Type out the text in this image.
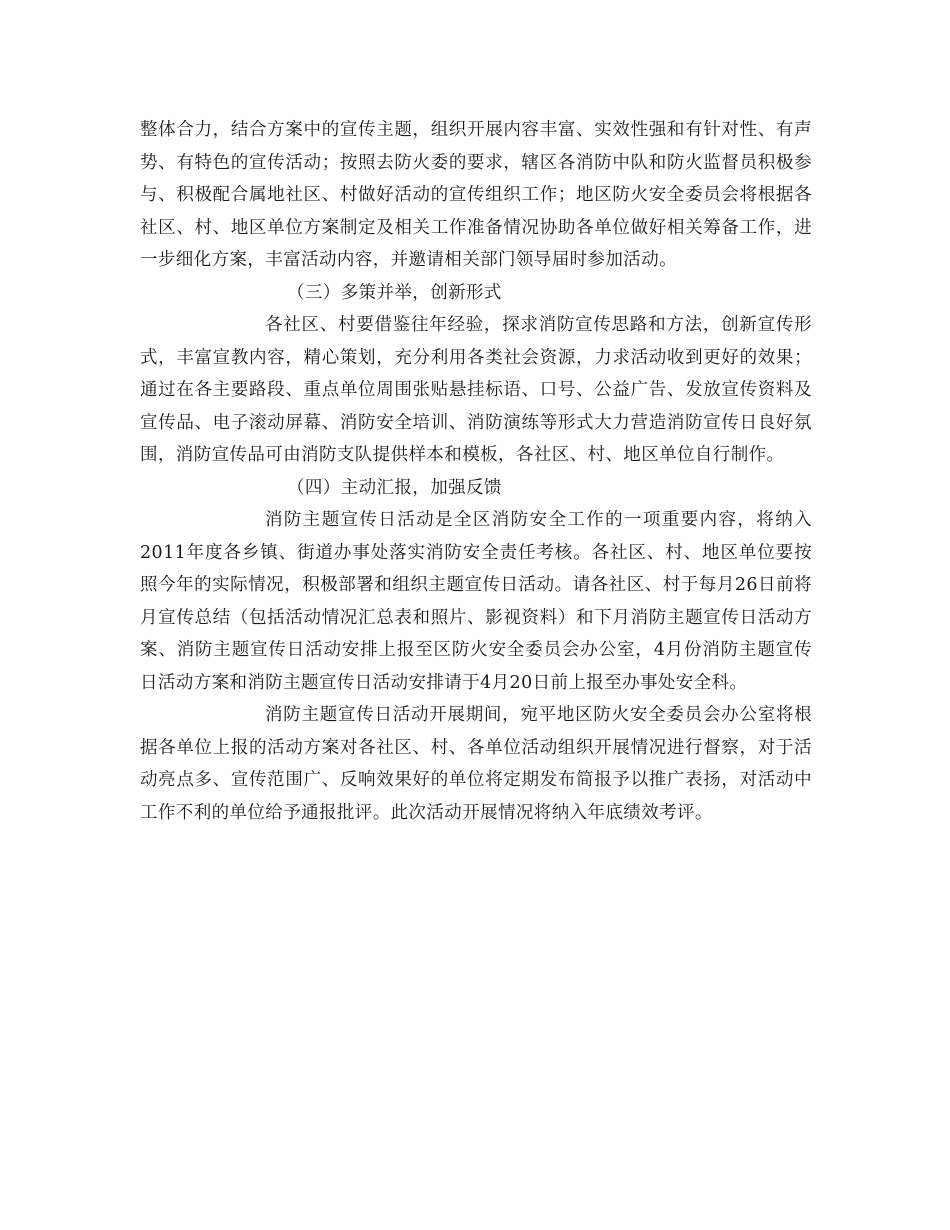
整体合力，结合方案中的宣传主题，组织开展内容丰富、实效性强和有针对性、有声势、有特色的宣传活动；按照去防火委的要求，辖区各消防中队和防火监督员积极参与、积极配合属地社区、村做好活动的宣传组织工作；地区防火安全委员会将根据各社区、村、地区单位方案制定及相关工作准备情况协助各单位做好相关筹备工作，进一步细化方案，丰富活动内容，并邀请相关部门领导届时参加活动。

（三）多策并举，创新形式

各社区、村要借鉴往年经验，探求消防宣传思路和方法，创新宣传形式，丰富宣教内容，精心策划，充分利用各类社会资源，力求活动收到更好的效果；通过在各主要路段、重点单位周围张贴悬挂标语、口号、公益广告、发放宣传资料及宣传品、电子滚动屏幕、消防安全培训、消防演练等形式大力营造消防宣传日良好氛围，消防宣传品可由消防支队提供样本和模板，各社区、村、地区单位自行制作。

（四）主动汇报，加强反馈

消防主题宣传日活动是全区消防安全工作的一项重要内容，将纳入2011年度各乡镇、街道办事处落实消防安全责任考核。各社区、村、地区单位要按照今年的实际情况，积极部署和组织主题宣传日活动。请各社区、村于每月26日前将月宣传总结（包括活动情况汇总表和照片、影视资料）和下月消防主题宣传日活动方案、消防主题宣传日活动安排上报至区防火安全委员会办公室，4月份消防主题宣传日活动方案和消防主题宣传日活动安排请于4月20日前上报至办事处安全科。

消防主题宣传日活动开展期间，宛平地区防火安全委员会办公室将根据各单位上报的活动方案对各社区、村、各单位活动组织开展情况进行督察，对于活动亮点多、宣传范围广、反响效果好的单位将定期发布简报予以推广表扬，对活动中工作不利的单位给予通报批评。此次活动开展情况将纳入年底绩效考评。
